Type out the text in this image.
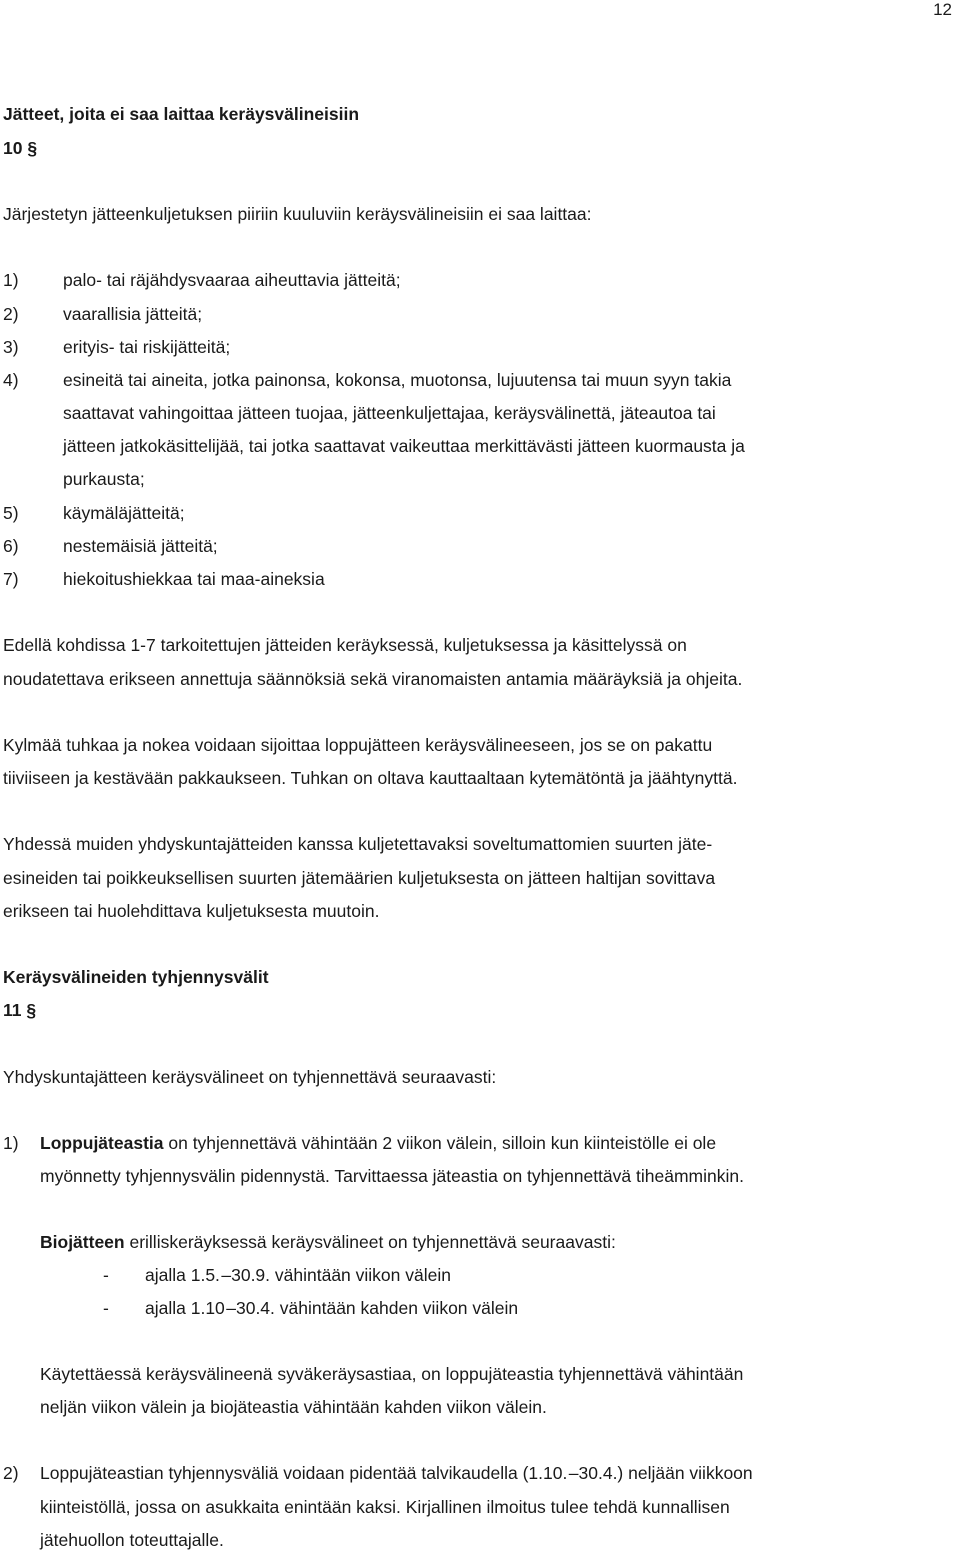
12
Jätteet, joita ei saa laittaa keräysvälineisiin
10 §
Järjestetyn jätteenkuljetuksen piiriin kuuluviin keräysvälineisiin ei saa laittaa:
1)	palo- tai räjähdysvaaraa aiheuttavia jätteitä;
2)	vaarallisia jätteitä;
3)	erityis- tai riskijätteitä;
4)	esineitä tai aineita, jotka painonsa, kokonsa, muotonsa, lujuutensa tai muun syyn takia
saattavat vahingoittaa jätteen tuojaa, jätteenkuljettajaa, keräysvälinettä, jäteautoa tai
jätteen jatkokäsittelijää, tai jotka saattavat vaikeuttaa merkittävästi jätteen kuormausta ja
purkausta;
5)	käymäläjätteitä;
6)	nestemäisiä jätteitä;
7)	hiekoitushiekkaa tai maa-aineksia
Edellä kohdissa 1-7 tarkoitettujen jätteiden keräyksessä, kuljetuksessa ja käsittelyssä on
noudatettava erikseen annettuja säännöksiä sekä viranomaisten antamia määräyksiä ja ohjeita.
Kylmää tuhkaa ja nokea voidaan sijoittaa loppujätteen keräysvälineeseen, jos se on pakattu
tiiviiseen ja kestävään pakkaukseen. Tuhkan on oltava kauttaaltaan kytemätöntä ja jäähtynyttä.
Yhdessä muiden yhdyskuntajätteiden kanssa kuljetettavaksi soveltumattomien suurten jäte-
esineiden tai poikkeuksellisen suurten jätemäärien kuljetuksesta on jätteen haltijan sovittava
erikseen tai huolehdittava kuljetuksesta muutoin.
Keräysvälineiden tyhjennysvälit
11 §
Yhdyskuntajätteen keräysvälineet on tyhjennettävä seuraavasti:
1) Loppujäteastia on tyhjennettävä vähintään 2 viikon välein, silloin kun kiinteistölle ei ole
myönnetty tyhjennysvälin pidennystä. Tarvittaessa jäteastia on tyhjennettävä tiheämminkin.
Biojätteen erilliskeräyksessä keräysvälineet on tyhjennettävä seuraavasti:
- ajalla 1.5. –30.9. vähintään viikon välein
- ajalla 1.10 –30.4. vähintään kahden viikon välein
Käytettäessä keräysvälineenä syväkeräysastiaa, on loppujäteastia tyhjennettävä vähintään
neljän viikon välein ja biojäteastia vähintään kahden viikon välein.
2) Loppujäteastian tyhjennysväliä voidaan pidentää talvikaudella (1.10. –30.4.) neljään viikkoon
kiinteistöllä, jossa on asukkaita enintään kaksi. Kirjallinen ilmoitus tulee tehdä kunnallisen
jätehuollon toteuttajalle.
